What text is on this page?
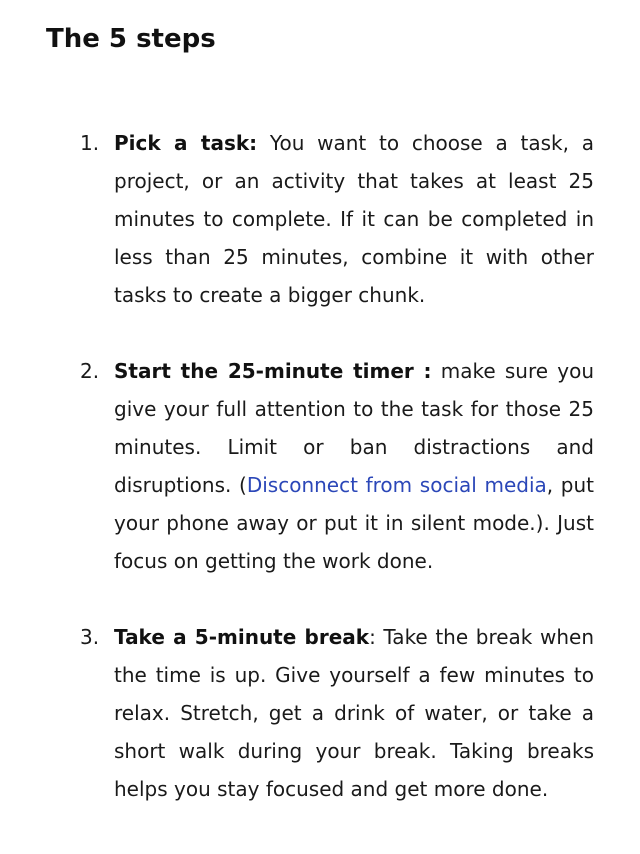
The 5 steps
1. Pick a task: You want to choose a task, a project, or an activity that takes at least 25 minutes to complete. If it can be completed in less than 25 minutes, combine it with other tasks to create a bigger chunk.
2. Start the 25-minute timer : make sure you give your full attention to the task for those 25 minutes. Limit or ban distractions and disruptions. (Disconnect from social media, put your phone away or put it in silent mode.). Just focus on getting the work done.
3. Take a 5-minute break: Take the break when the time is up. Give yourself a few minutes to relax. Stretch, get a drink of water, or take a short walk during your break. Taking breaks helps you stay focused and get more done.
